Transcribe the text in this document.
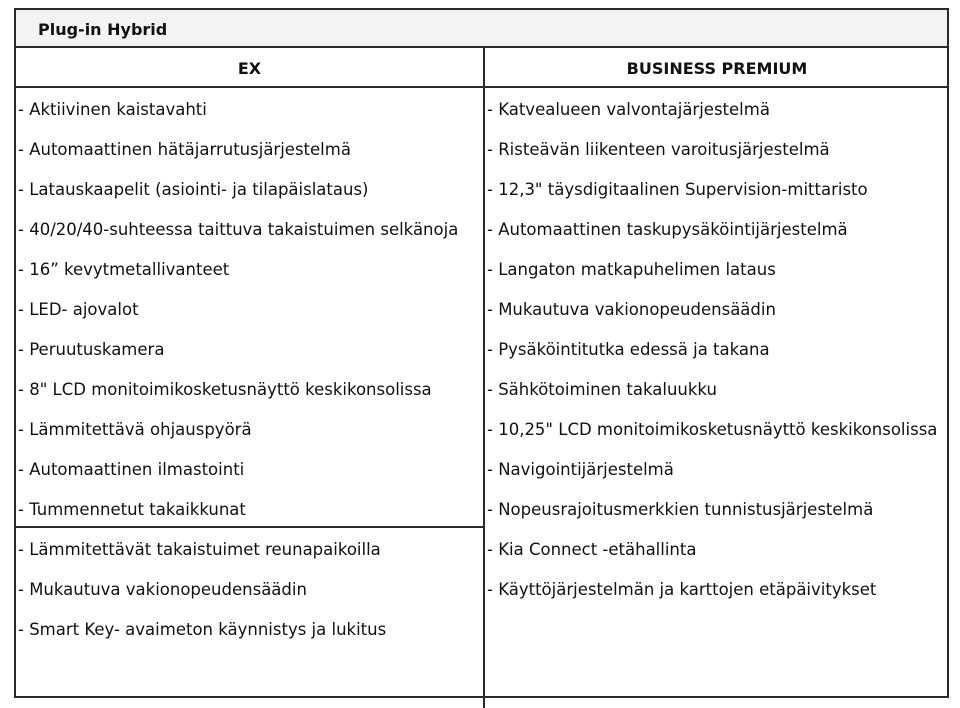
Plug-in Hybrid
EX	BUSINESS PREMIUM
- Aktiivinen kaistavahti
- Automaattinen hätäjarrutusjärjestelmä
- Latauskaapelit (asiointi- ja tilapäislataus)
- 40/20/40-suhteessa taittuva takaistuimen selkänoja
- 16” kevytmetallivanteet
- LED- ajovalot
- Peruutuskamera
- 8" LCD monitoimikosketusnäyttö keskikonsolissa
- Lämmitettävä ohjauspyörä
- Automaattinen ilmastointi
- Tummennetut takaikkunat
- Lämmitettävät takaistuimet reunapaikoilla
- Mukautuva vakionopeudensäädin
- Smart Key- avaimeton käynnistys ja lukitus
- Katvealueen valvontajärjestelmä
- Risteävän liikenteen varoitusjärjestelmä
- 12,3" täysdigitaalinen Supervision-mittaristo
- Automaattinen taskupysäköintijärjestelmä
- Langaton matkapuhelimen lataus
- Mukautuva vakionopeudensäädin
- Pysäköintitutka edessä ja takana
- Sähkötoiminen takaluukku
- 10,25" LCD monitoimikosketusnäyttö keskikonsolissa
- Navigointijärjestelmä
- Nopeusrajoitusmerkkien tunnistusjärjestelmä
- Kia Connect -etähallinta
- Käyttöjärjestelmän ja karttojen etäpäivitykset
